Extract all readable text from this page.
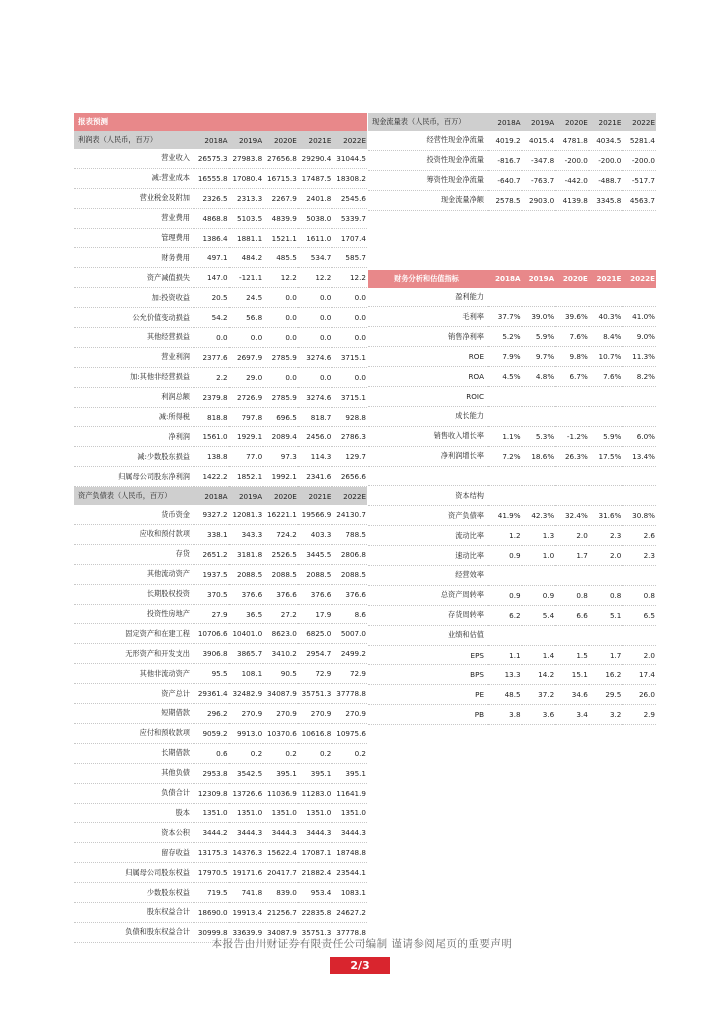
报表预测
利润表（人民币，百万）	2018A	2019A	2020E	2021E	2022E
营业收入	26575.3	27983.8	27656.8	29290.4	31044.5
减:营业成本	16555.8	17080.4	16715.3	17487.5	18308.2
营业税金及附加	2326.5	2313.3	2267.9	2401.8	2545.6
营业费用	4868.8	5103.5	4839.9	5038.0	5339.7
管理费用	1386.4	1881.1	1521.1	1611.0	1707.4
财务费用	497.1	484.2	485.5	534.7	585.7
资产减值损失	147.0	-121.1	12.2	12.2	12.2
加:投资收益	20.5	24.5	0.0	0.0	0.0
公允价值变动损益	54.2	56.8	0.0	0.0	0.0
其他经营损益	0.0	0.0	0.0	0.0	0.0
营业利润	2377.6	2697.9	2785.9	3274.6	3715.1
加:其他非经营损益	2.2	29.0	0.0	0.0	0.0
利润总额	2379.8	2726.9	2785.9	3274.6	3715.1
减:所得税	818.8	797.8	696.5	818.7	928.8
净利润	1561.0	1929.1	2089.4	2456.0	2786.3
减:少数股东损益	138.8	77.0	97.3	114.3	129.7
归属母公司股东净利润	1422.2	1852.1	1992.1	2341.6	2656.6
资产负债表（人民币，百万）	2018A	2019A	2020E	2021E	2022E
货币资金	9327.2	12081.3	16221.1	19566.9	24130.7
应收和预付款项	338.1	343.3	724.2	403.3	788.5
存货	2651.2	3181.8	2526.5	3445.5	2806.8
其他流动资产	1937.5	2088.5	2088.5	2088.5	2088.5
长期股权投资	370.5	376.6	376.6	376.6	376.6
投资性房地产	27.9	36.5	27.2	17.9	8.6
固定资产和在建工程	10706.6	10401.0	8623.0	6825.0	5007.0
无形资产和开发支出	3906.8	3865.7	3410.2	2954.7	2499.2
其他非流动资产	95.5	108.1	90.5	72.9	72.9
资产总计	29361.4	32482.9	34087.9	35751.3	37778.8
短期借款	296.2	270.9	270.9	270.9	270.9
应付和预收款项	9059.2	9913.0	10370.6	10616.8	10975.6
长期借款	0.6	0.2	0.2	0.2	0.2
其他负债	2953.8	3542.5	395.1	395.1	395.1
负债合计	12309.8	13726.6	11036.9	11283.0	11641.9
股本	1351.0	1351.0	1351.0	1351.0	1351.0
资本公积	3444.2	3444.3	3444.3	3444.3	3444.3
留存收益	13175.3	14376.3	15622.4	17087.1	18748.8
归属母公司股东权益	17970.5	19171.6	20417.7	21882.4	23544.1
少数股东权益	719.5	741.8	839.0	953.4	1083.1
股东权益合计	18690.0	19913.4	21256.7	22835.8	24627.2
负债和股东权益合计	30999.8	33639.9	34087.9	35751.3	37778.8
现金流量表（人民币，百万）	2018A	2019A	2020E	2021E	2022E
经营性现金净流量	4019.2	4015.4	4781.8	4034.5	5281.4
投资性现金净流量	-816.7	-347.8	-200.0	-200.0	-200.0
筹资性现金净流量	-640.7	-763.7	-442.0	-488.7	-517.7
现金流量净额	2578.5	2903.0	4139.8	3345.8	4563.7
财务分析和估值指标	2018A	2019A	2020E	2021E	2022E
盈利能力					
毛利率	37.7%	39.0%	39.6%	40.3%	41.0%
销售净利率	5.2%	5.9%	7.6%	8.4%	9.0%
ROE	7.9%	9.7%	9.8%	10.7%	11.3%
ROA	4.5%	4.8%	6.7%	7.6%	8.2%
ROIC					
成长能力					
销售收入增长率	1.1%	5.3%	-1.2%	5.9%	6.0%
净利润增长率	7.2%	18.6%	26.3%	17.5%	13.4%

资本结构					
资产负债率	41.9%	42.3%	32.4%	31.6%	30.8%
流动比率	1.2	1.3	2.0	2.3	2.6
速动比率	0.9	1.0	1.7	2.0	2.3
经营效率					
总资产周转率	0.9	0.9	0.8	0.8	0.8
存货周转率	6.2	5.4	6.6	5.1	6.5
业绩和估值					
EPS	1.1	1.4	1.5	1.7	2.0
BPS	13.3	14.2	15.1	16.2	17.4
PE	48.5	37.2	34.6	29.5	26.0
PB	3.8	3.6	3.4	3.2	2.9
本报告由川财证券有限责任公司编制 谨请参阅尾页的重要声明
2/3
